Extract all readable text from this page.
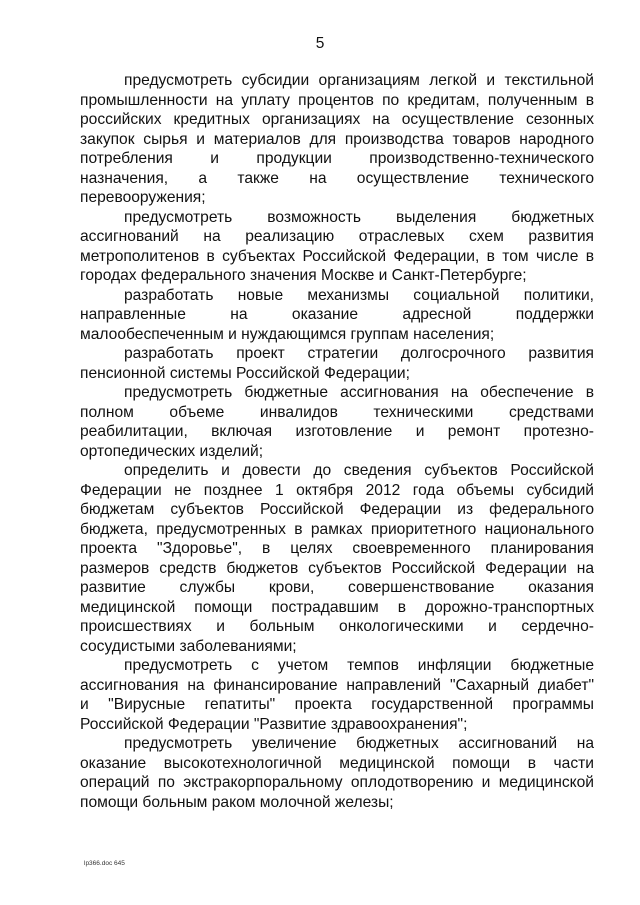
5
предусмотреть субсидии организациям легкой и текстильной
промышленности на уплату процентов по кредитам, полученным в
российских кредитных организациях на осуществление сезонных
закупок сырья и материалов для производства товаров народного
потребления и продукции производственно-технического
назначения, а также на осуществление технического
перевооружения;
предусмотреть возможность выделения бюджетных
ассигнований на реализацию отраслевых схем развития
метрополитенов в субъектах Российской Федерации, в том числе в
городах федерального значения Москве и Санкт-Петербурге;
разработать новые механизмы социальной политики,
направленные на оказание адресной поддержки
малообеспеченным и нуждающимся группам населения;
разработать проект стратегии долгосрочного развития
пенсионной системы Российской Федерации;
предусмотреть бюджетные ассигнования на обеспечение в
полном объеме инвалидов техническими средствами
реабилитации, включая изготовление и ремонт протезно-
ортопедических изделий;
определить и довести до сведения субъектов Российской
Федерации не позднее 1 октября 2012 года объемы субсидий
бюджетам субъектов Российской Федерации из федерального
бюджета, предусмотренных в рамках приоритетного национального
проекта "Здоровье", в целях своевременного планирования
размеров средств бюджетов субъектов Российской Федерации на
развитие службы крови, совершенствование оказания
медицинской помощи пострадавшим в дорожно-транспортных
происшествиях и больным онкологическими и сердечно-
сосудистыми заболеваниями;
предусмотреть с учетом темпов инфляции бюджетные
ассигнования на финансирование направлений "Сахарный диабет"
и "Вирусные гепатиты" проекта государственной программы
Российской Федерации "Развитие здравоохранения";
предусмотреть увеличение бюджетных ассигнований на
оказание высокотехнологичной медицинской помощи в части
операций по экстракорпоральному оплодотворению и медицинской
помощи больным раком молочной железы;
lp366.doc 645
